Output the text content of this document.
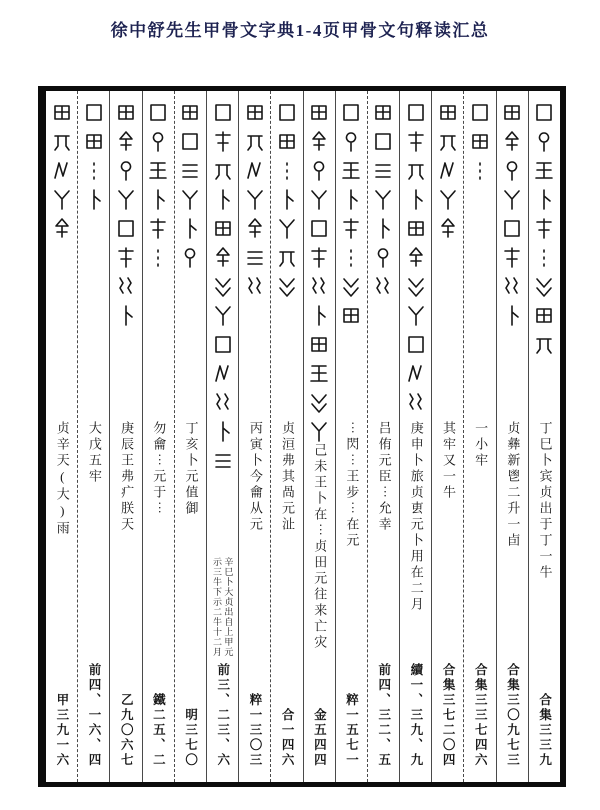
徐中舒先生甲骨文字典1-4页甲骨文句释读汇总
丁巳卜宾贞出于丁一牛
合集三三九
贞彝新鬯二升一卣
合集三〇九七三
一小牢
合集三三七四六
其牢又一牛
合集三七二〇四
庚申卜旅贞叀元卜用在二月
續一、三九、九
吕侑元臣⋯允幸
前四、三二、五
⋯閃⋯王步⋯在元
粹一五七一
己未王卜在⋯贞田元往来亡灾
金五四四
贞洹弗其咼元沚
合一四六
丙寅卜今龠从元
粹一三〇三
辛巳卜大贞出自上甲元
示三牛下示二牛十二月
前三、二三、六
丁亥卜元值御
明三七〇
勿龠⋯元于⋯
鐵二五、二
庚辰王弗疒朕天
乙九〇六七
大戊五牢
前四、一六、四
贞辛天(大)雨
甲三九一六
